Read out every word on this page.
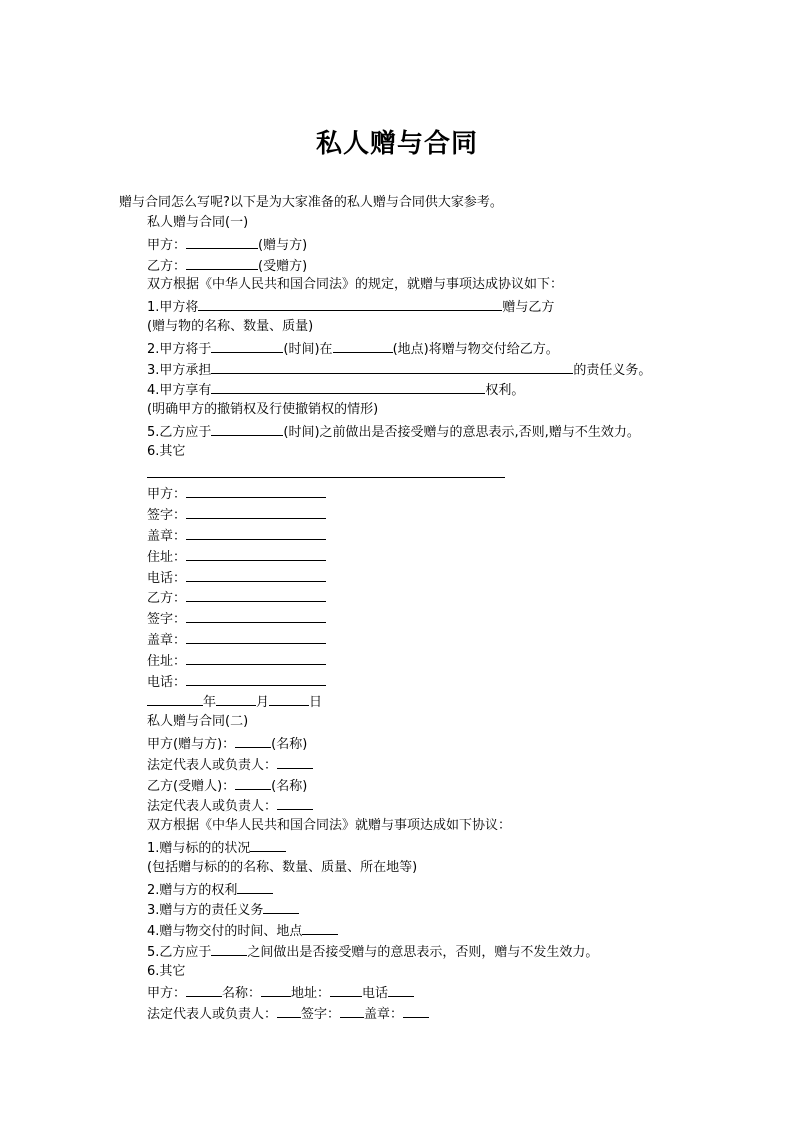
私人赠与合同
赠与合同怎么写呢?以下是为大家准备的私人赠与合同供大家参考。
私人赠与合同(一)
甲方：	(赠与方)
乙方：	(受赠方)
双方根据《中华人民共和国合同法》的规定，就赠与事项达成协议如下：
1.甲方将	赠与乙方
(赠与物的名称、数量、质量)
2.甲方将于	(时间)在	(地点)将赠与物交付给乙方。
3.甲方承担	的责任义务。
4.甲方享有	权利。
(明确甲方的撤销权及行使撤销权的情形)
5.乙方应于	(时间)之前做出是否接受赠与的意思表示,否则,赠与不生效力。
6.其它
甲方：
签字：
盖章：
住址：
电话：
乙方：
签字：
盖章：
住址：
电话：
年	月	日
私人赠与合同(二)
甲方(赠与方)：	(名称)
法定代表人或负责人：
乙方(受赠人)：	(名称)
法定代表人或负责人：
双方根据《中华人民共和国合同法》就赠与事项达成如下协议：
1.赠与标的的状况
(包括赠与标的的名称、数量、质量、所在地等)
2.赠与方的权利
3.赠与方的责任义务
4.赠与物交付的时间、地点
5.乙方应于	之间做出是否接受赠与的意思表示，否则，赠与不发生效力。
6.其它
甲方：	名称： 地址： 电话
法定代表人或负责人： 签字： 盖章：
